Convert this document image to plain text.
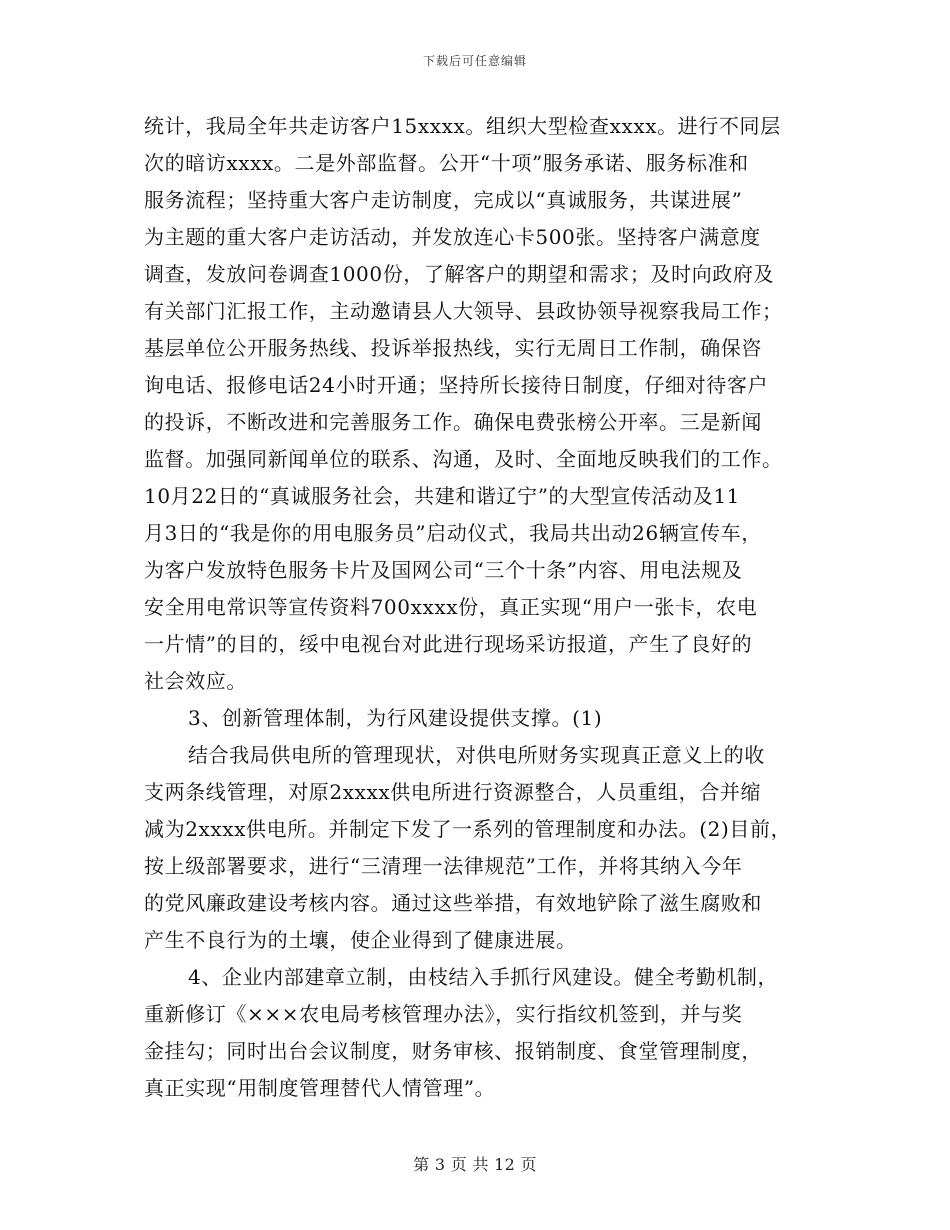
下载后可任意编辑
统计，我局全年共走访客户15xxxx。组织大型检查xxxx。进行不同层
次的暗访xxxx。二是外部监督。公开“十项”服务承诺、服务标准和
服务流程；坚持重大客户走访制度，完成以“真诚服务，共谋进展”
为主题的重大客户走访活动，并发放连心卡500张。坚持客户满意度
调查，发放问卷调查1000份，了解客户的期望和需求；及时向政府及
有关部门汇报工作，主动邀请县人大领导、县政协领导视察我局工作；
基层单位公开服务热线、投诉举报热线，实行无周日工作制，确保咨
询电话、报修电话24小时开通；坚持所长接待日制度，仔细对待客户
的投诉，不断改进和完善服务工作。确保电费张榜公开率。三是新闻
监督。加强同新闻单位的联系、沟通，及时、全面地反映我们的工作。
10月22日的“真诚服务社会，共建和谐辽宁”的大型宣传活动及11
月3日的“我是你的用电服务员”启动仪式，我局共出动26辆宣传车，
为客户发放特色服务卡片及国网公司“三个十条”内容、用电法规及
安全用电常识等宣传资料700xxxx份，真正实现“用户一张卡，农电
一片情”的目的，绥中电视台对此进行现场采访报道，产生了良好的
社会效应。
3、创新管理体制，为行风建设提供支撑。(1)
结合我局供电所的管理现状，对供电所财务实现真正意义上的收
支两条线管理，对原2xxxx供电所进行资源整合，人员重组，合并缩
减为2xxxx供电所。并制定下发了一系列的管理制度和办法。(2)目前，
按上级部署要求，进行“三清理一法律规范”工作，并将其纳入今年
的党风廉政建设考核内容。通过这些举措，有效地铲除了滋生腐败和
产生不良行为的土壤，使企业得到了健康进展。
4、企业内部建章立制，由枝结入手抓行风建设。健全考勤机制，
重新修订《×××农电局考核管理办法》，实行指纹机签到，并与奖
金挂勾；同时出台会议制度，财务审核、报销制度、食堂管理制度，
真正实现“用制度管理替代人情管理”。
第 3 页 共 12 页
